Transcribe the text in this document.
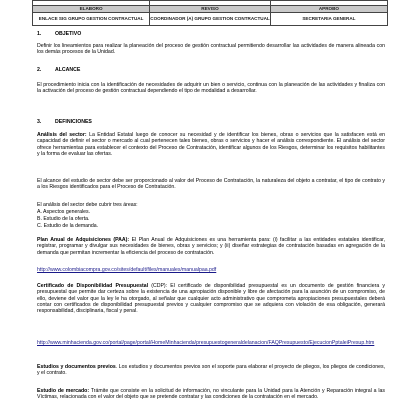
ELABORO	REVISO	APROBO
ENLACE SIG GRUPO GESTION CONTRACTUAL	COORDINADOR (A) GRUPO GESTION CONTRACTUAL	SECRETARIA GENERAL
1.	OBJETIVO

Definir los lineamientos para realizar la planeación del proceso de gestión contractual permitiendo desarrollar las actividades de manera alineada con los demás procesos de la Unidad.

2.	ALCANCE

El procedimiento inicia con la identificación de necesidades de adquirir un bien o servicio, continua con la planeación de las actividades y finaliza con la activación del proceso de gestión contractual dependiendo el tipo de modalidad a desarrollar.

3.	DEFINICIONES

Análisis del sector: La Entidad Estatal luego de conocer su necesidad y de identificar los bienes, obras o servicios que la satisfacen está en capacidad de definir el sector o mercado al cual pertenecen tales bienes, obras o servicios y hacer el análisis correspondiente. El análisis del sector ofrece herramientas para establecer el contexto del Proceso de Contratación, identificar algunos de los Riesgos, determinar los requisitos habilitantes y la forma de evaluar las ofertas.

El alcance del estudio de sector debe ser proporcionado al valor del Proceso de Contratación, la naturaleza del objeto a contratar, el tipo de contrato y a los Riesgos identificados para el Proceso de Contratación.

El análisis del sector debe cubrir tres áreas:

A. Aspectos generales.

B. Estudio de la oferta.

C. Estudio de la demanda.

Plan Anual de Adquisiciones (PAA): El Plan Anual de Adquisiciones es una herramienta para: (i) facilitar a las entidades estatales identificar, registrar, programar y divulgar sus necesidades de bienes, obras y servicios; y (ii) diseñar estrategias de contratación basadas en agregación de la demanda que permitan incrementar la eficiencia del proceso de contratación.

http://www.colombiacompra.gov.co/sites/default/files/manuales/manualpaa.pdf

Certificado de Disponibilidad Presupuestal (CDP): El certificado de disponibilidad presupuestal es un documento de gestión financiera y presupuestal que permite dar certeza sobre la existencia de una apropiación disponible y libre de afectación para la asunción de un compromiso, de ello, deviene del valor que la ley le ha otorgado, al señalar que cualquier acto administrativo que comprometa apropiaciones presupuestales deberá contar con certificados de disponibilidad presupuestal previos y cualquier compromiso que se adquiera con violación de esa obligación, generará responsabilidad, disciplinaria, fiscal y penal.

http://www.minhacienda.gov.co/portal/page/portal/HomeMinhacienda/presupuestogeneraldelanacion/FAQPresupuesto/EjecucionPptaleiPresup.htm

Estudios y documentos previos. Los estudios y documentos previos son el soporte para elaborar el proyecto de pliegos, los pliegos de condiciones, y el contrato.

Estudio de mercado: Trámite que consiste en la solicitud de información, no vinculante para la Unidad para la Atención y Reparación integral a las Víctimas, relacionada con el valor del objeto que se pretende contratar y las condiciones de la contratación en el mercado.
